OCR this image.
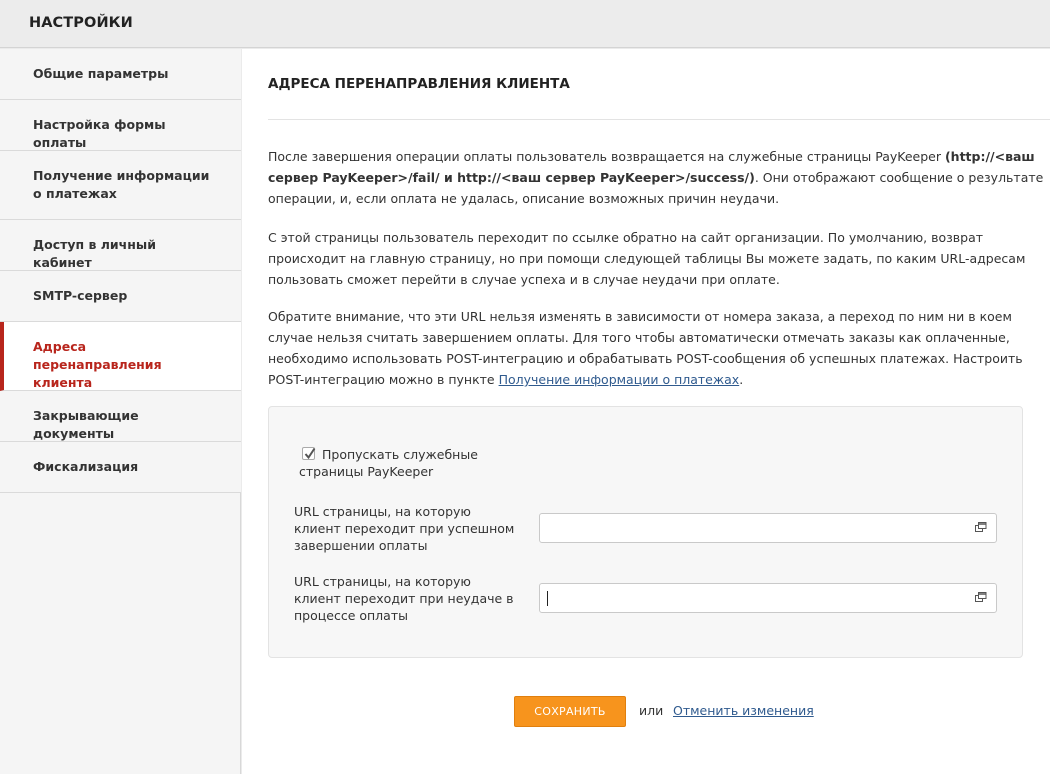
НАСТРОЙКИ
Общие параметры
Настройка формы оплаты
Получение информации о платежах
Доступ в личный кабинет
SMTP-сервер
Адреса перенаправления клиента
Закрывающие документы
Фискализация
АДРЕСА ПЕРЕНАПРАВЛЕНИЯ КЛИЕНТА
После завершения операции оплаты пользователь возвращается на служебные страницы PayKeeper (http://<ваш сервер PayKeeper>/fail/ и http://<ваш сервер PayKeeper>/success/). Они отображают сообщение о результате операции, и, если оплата не удалась, описание возможных причин неудачи.
С этой страницы пользователь переходит по ссылке обратно на сайт организации. По умолчанию, возврат происходит на главную страницу, но при помощи следующей таблицы Вы можете задать, по каким URL-адресам пользовать сможет перейти в случае успеха и в случае неудачи при оплате.
Обратите внимание, что эти URL нельзя изменять в зависимости от номера заказа, а переход по ним ни в коем случае нельзя считать завершением оплаты. Для того чтобы автоматически отмечать заказы как оплаченные, необходимо использовать POST-интеграцию и обрабатывать POST-сообщения об успешных платежах. Настроить POST-интеграцию можно в пункте Получение информации о платежах.
Пропускать служебные страницы PayKeeper
URL страницы, на которую клиент переходит при успешном завершении оплаты
URL страницы, на которую клиент переходит при неудаче в процессе оплаты
СОХРАНИТЬ	или Отменить изменения
